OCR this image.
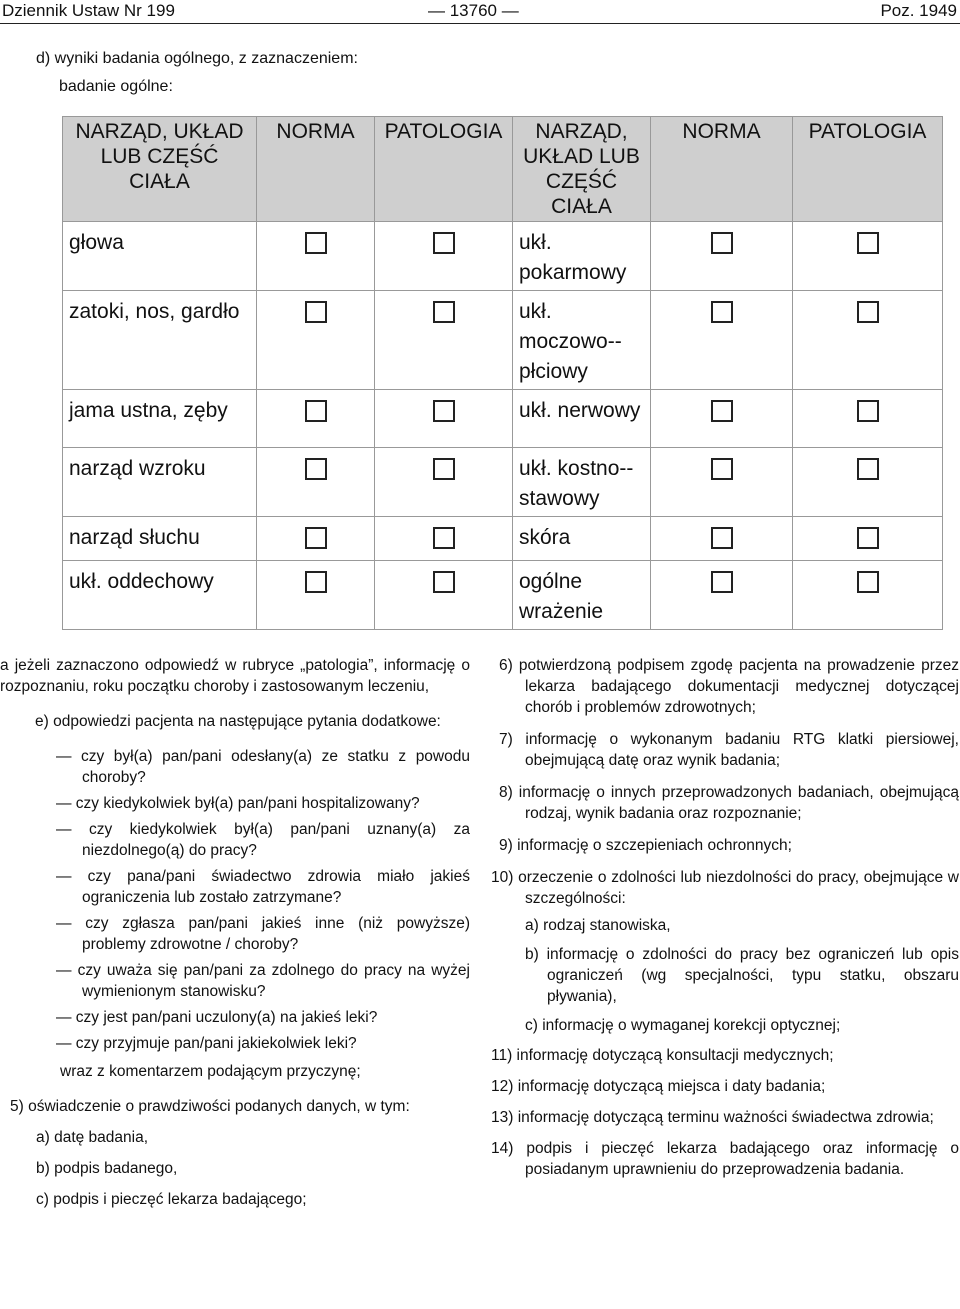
Dziennik Ustaw Nr 199	— 13760 —	Poz. 1949
d) wyniki badania ogólnego, z zaznaczeniem:
badanie ogólne:
NARZĄD, UKŁAD LUB CZĘŚĆ CIAŁA	NORMA	PATOLOGIA	NARZĄD, UKŁAD LUB CZĘŚĆ CIAŁA	NORMA	PATOLOGIA
głowa			ukł. pokarmowy		
zatoki, nos, gardło			ukł. moczowo--płciowy		
jama ustna, zęby			ukł. nerwowy		
narząd wzroku			ukł. kostno--stawowy		
narząd słuchu			skóra		
ukł. oddechowy			ogólne wrażenie		

a jeżeli zaznaczono odpowiedź w rubryce „patologia”, informację o rozpoznaniu, roku początku choroby i zastosowanym leczeniu,

e) odpowiedzi pacjenta na następujące pytania dodatkowe:

— czy był(a) pan/pani odesłany(a) ze statku z powodu choroby?

— czy kiedykolwiek był(a) pan/pani hospitalizowany?

— czy kiedykolwiek był(a) pan/pani uznany(a) za niezdolnego(ą) do pracy?

— czy pana/pani świadectwo zdrowia miało jakieś ograniczenia lub zostało zatrzymane?

— czy zgłasza pan/pani jakieś inne (niż powyższe) problemy zdrowotne / choroby?

— czy uważa się pan/pani za zdolnego do pracy na wyżej wymienionym stanowisku?

— czy jest pan/pani uczulony(a) na jakieś leki?

— czy przyjmuje pan/pani jakiekolwiek leki?

wraz z komentarzem podającym przyczynę;

5) oświadczenie o prawdziwości podanych danych, w tym:

a) datę badania,

b) podpis badanego,

c) podpis i pieczęć lekarza badającego;

6) potwierdzoną podpisem zgodę pacjenta na prowadzenie przez lekarza badającego dokumentacji medycznej dotyczącej chorób i problemów zdrowotnych;

7) informację o wykonanym badaniu RTG klatki piersiowej, obejmującą datę oraz wynik badania;

8) informację o innych przeprowadzonych badaniach, obejmującą rodzaj, wynik badania oraz rozpoznanie;

9) informację o szczepieniach ochronnych;

10) orzeczenie o zdolności lub niezdolności do pracy, obejmujące w szczególności:

a) rodzaj stanowiska,

b) informację o zdolności do pracy bez ograniczeń lub opis ograniczeń (wg specjalności, typu statku, obszaru pływania),

c) informację o wymaganej korekcji optycznej;

11) informację dotyczącą konsultacji medycznych;

12) informację dotyczącą miejsca i daty badania;

13) informację dotyczącą terminu ważności świadectwa zdrowia;

14) podpis i pieczęć lekarza badającego oraz informację o posiadanym uprawnieniu do przeprowadzenia badania.
